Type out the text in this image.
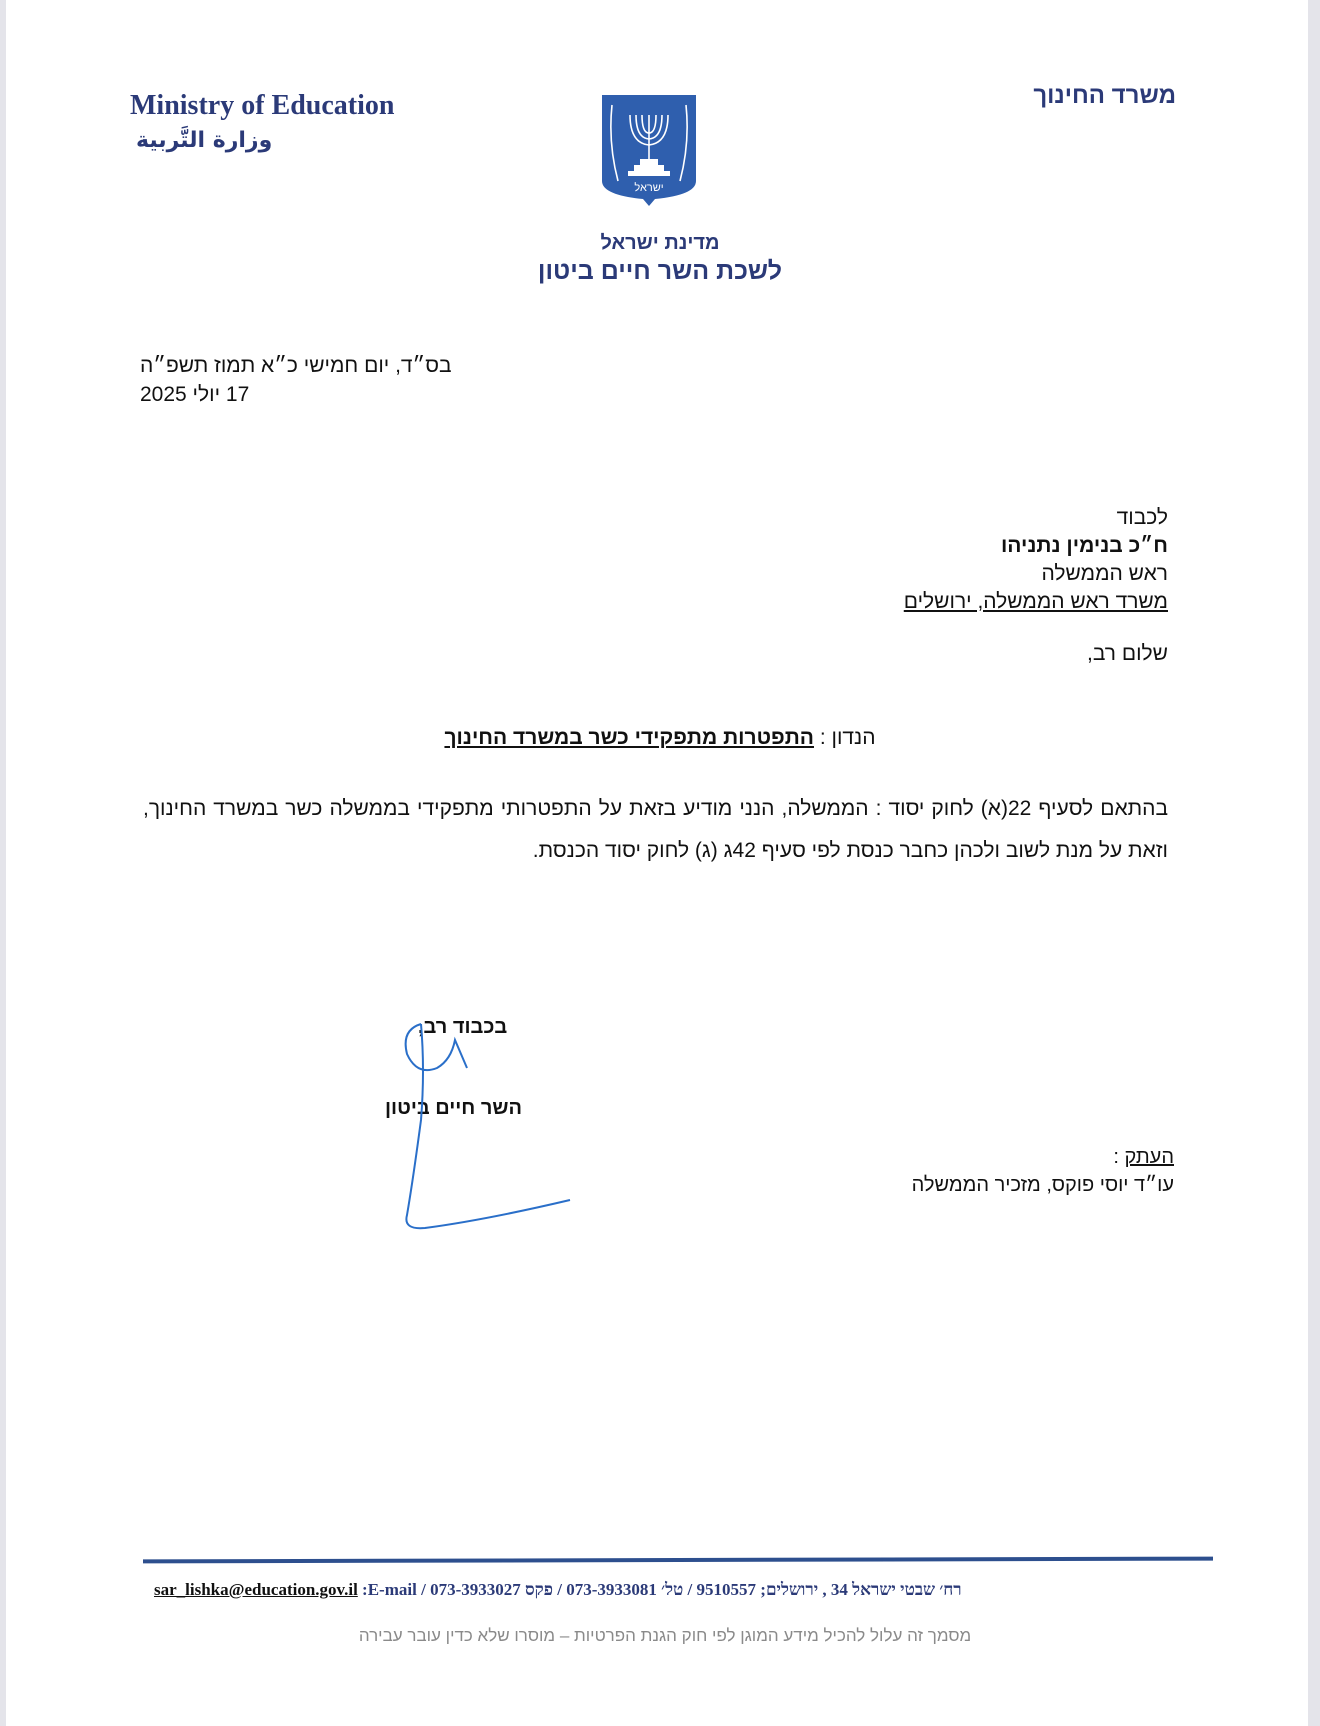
Ministry of Education
وزارة التَّربية
משרד החינוך
ישראל
מדינת ישראל
לשכת השר חיים ביטון
בס״ד, יום חמישי כ״א תמוז תשפ״ה
17 יולי 2025
לכבוד
ח״כ בנימין נתניהו
ראש הממשלה
משרד ראש הממשלה, ירושלים
שלום רב,
הנדון : התפטרות מתפקידי כשר במשרד החינוך
בהתאם לסעיף 22(א) לחוק יסוד : הממשלה, הנני מודיע בזאת על התפטרותי מתפקידי בממשלה כשר במשרד החינוך, וזאת על מנת לשוב ולכהן כחבר כנסת לפי סעיף 42ג (ג) לחוק יסוד הכנסת.
בכבוד רב,
השר חיים ביטון
העתק :
עו״ד יוסי פוקס, מזכיר הממשלה
sar_lishka@education.gov.il רח׳ שבטי ישראל 34 , ירושלים; 9510557 / טל׳ 073-3933081 / פקס 073-3933027 / E-mail:
מסמך זה עלול להכיל מידע המוגן לפי חוק הגנת הפרטיות – מוסרו שלא כדין עובר עבירה
